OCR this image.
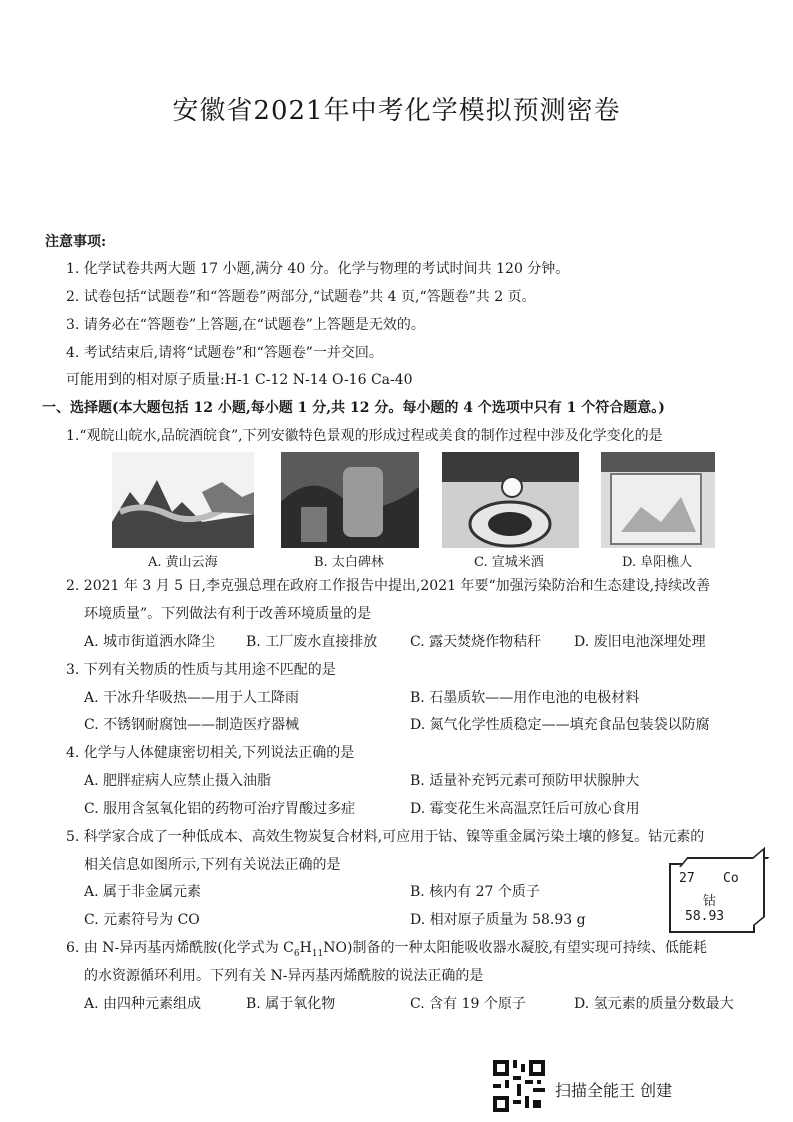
安徽省2021年中考化学模拟预测密卷
注意事项:
1. 化学试卷共两大题 17 小题,满分 40 分。化学与物理的考试时间共 120 分钟。
2. 试卷包括“试题卷”和“答题卷”两部分,“试题卷”共 4 页,“答题卷”共 2 页。
3. 请务必在“答题卷”上答题,在“试题卷”上答题是无效的。
4. 考试结束后,请将“试题卷”和“答题卷”一并交回。
可能用到的相对原子质量:H-1 C-12 N-14 O-16 Ca-40
一、选择题(本大题包括 12 小题,每小题 1 分,共 12 分。每小题的 4 个选项中只有 1 个符合题意。)
1.“观皖山皖水,品皖酒皖食”,下列安徽特色景观的形成过程或美食的制作过程中涉及化学变化的是
A. 黄山云海	B. 太白碑林	C. 宣城米酒	D. 阜阳樵人
2. 2021 年 3 月 5 日,李克强总理在政府工作报告中提出,2021 年要“加强污染防治和生态建设,持续改善
环境质量”。下列做法有利于改善环境质量的是
A. 城市街道洒水降尘 B. 工厂废水直接排放 C. 露天焚烧作物秸秆 D. 废旧电池深埋处理
3. 下列有关物质的性质与其用途不匹配的是
A. 干冰升华吸热——用于人工降雨	B. 石墨质软——用作电池的电极材料
C. 不锈钢耐腐蚀——制造医疗器械	D. 氮气化学性质稳定——填充食品包装袋以防腐
4. 化学与人体健康密切相关,下列说法正确的是
A. 肥胖症病人应禁止摄入油脂	B. 适量补充钙元素可预防甲状腺肿大
C. 服用含氢氧化铝的药物可治疗胃酸过多症	D. 霉变花生米高温烹饪后可放心食用
5. 科学家合成了一种低成本、高效生物炭复合材料,可应用于钴、镍等重金属污染土壤的修复。钴元素的
相关信息如图所示,下列有关说法正确的是
A. 属于非金属元素	B. 核内有 27 个质子
C. 元素符号为 CO	D. 相对原子质量为 58.93 g
27 Co
钴
58.93
6. 由 N-异丙基丙烯酰胺(化学式为 $C_6H_{11}NO$)制备的一种太阳能吸收器水凝胶,有望实现可持续、低能耗
的水资源循环利用。下列有关 N-异丙基丙烯酰胺的说法正确的是
A. 由四种元素组成	B. 属于氧化物	C. 含有 19 个原子	D. 氢元素的质量分数最大
扫描全能王 创建
